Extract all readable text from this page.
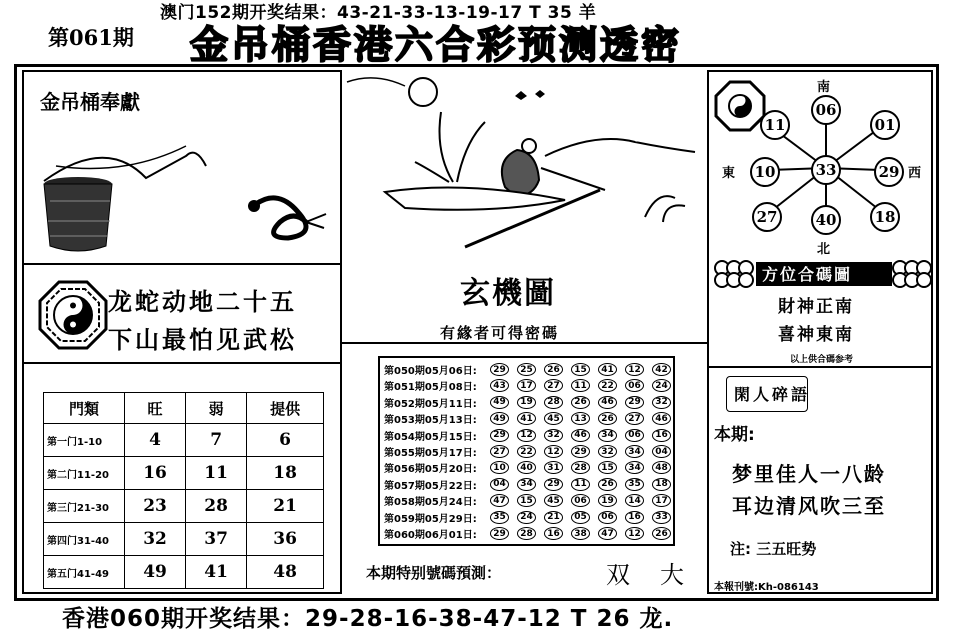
澳门152期开奖结果：43-21-33-13-19-17 T 35 羊
第061期 金吊桶香港六合彩预测透密
金吊桶奉獻
龙蛇动地二十五
下山最怕见武松
門類	旺	弱	提供
第一门1-10	4	7	6
第二门11-20	16	11	18
第三门21-30	23	28	21
第四门31-40	32	37	36
第五门41-49	49	41	48
玄機圖
有緣者可得密碼
第050期05月06日:	29	25	26	15	41	12	42
第051期05月08日:	43	17	27	11	22	06	24
第052期05月11日:	49	19	28	26	46	29	32
第053期05月13日:	49	41	45	13	26	27	46
第054期05月15日:	29	12	32	46	34	06	16
第055期05月17日:	27	22	12	29	32	34	04
第056期05月20日:	10	40	31	28	15	34	48
第057期05月22日:	04	34	29	11	26	35	18
第058期05月24日:	47	15	45	06	19	14	17
第059期05月29日:	35	24	21	05	06	16	33
第060期06月01日:	29	28	16	38	47	12	26
本期特别號碼預測：	双 大
南
北
東	西
33
06
01
29
18
40
27
10
11
方位合碼圖
財神正南
喜神東南
以上供合碼参考
閑人碎語
本期:
梦里佳人一八龄
耳边清风吹三至
注: 三五旺势
本報刊號:Kh-086143
香港060期开奖结果：29-28-16-38-47-12 T 26 龙.
